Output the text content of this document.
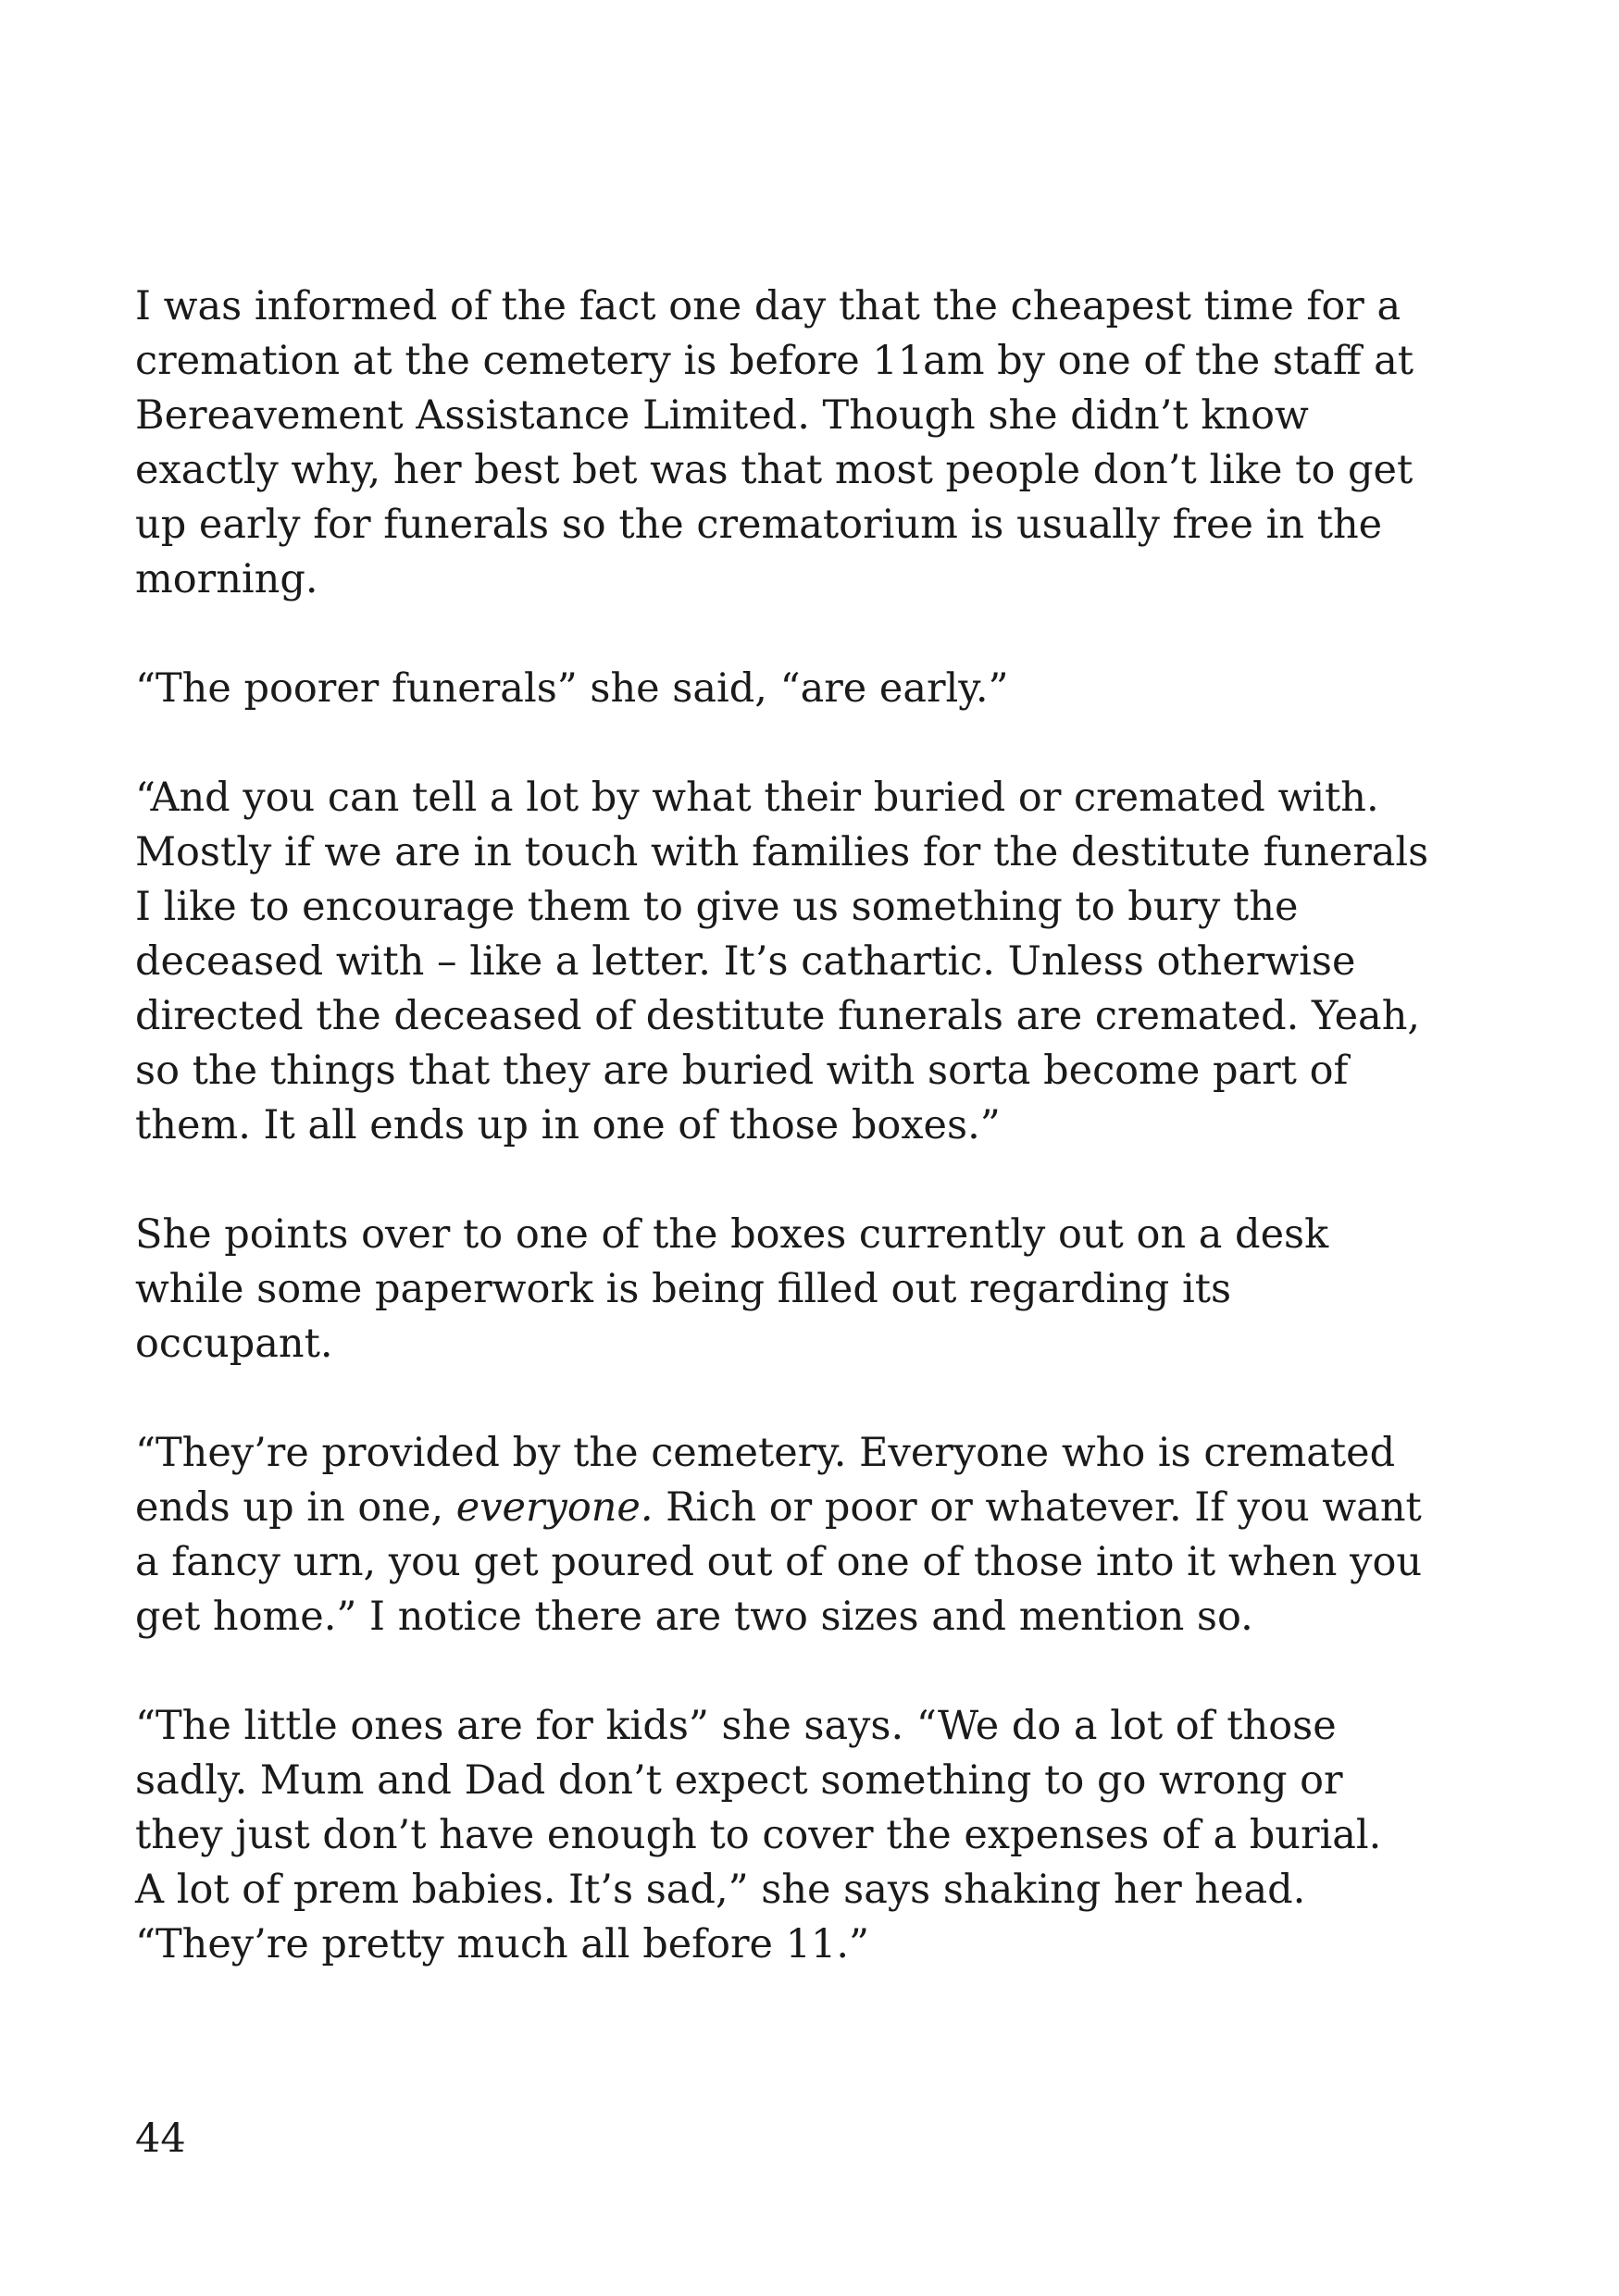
I was informed of the fact one day that the cheapest time for a
cremation at the cemetery is before 11am by one of the staff at
Bereavement Assistance Limited. Though she didn’t know
exactly why, her best bet was that most people don’t like to get
up early for funerals so the crematorium is usually free in the
morning.

“The poorer funerals” she said, “are early.”

“And you can tell a lot by what their buried or cremated with.
Mostly if we are in touch with families for the destitute funerals
I like to encourage them to give us something to bury the
deceased with – like a letter. It’s cathartic. Unless otherwise
directed the deceased of destitute funerals are cremated. Yeah,
so the things that they are buried with sorta become part of
them. It all ends up in one of those boxes.”

She points over to one of the boxes currently out on a desk
while some paperwork is being filled out regarding its
occupant.

“They’re provided by the cemetery. Everyone who is cremated
ends up in one, everyone. Rich or poor or whatever. If you want
a fancy urn, you get poured out of one of those into it when you
get home.” I notice there are two sizes and mention so.

“The little ones are for kids” she says. “We do a lot of those
sadly. Mum and Dad don’t expect something to go wrong or
they just don’t have enough to cover the expenses of a burial.
A lot of prem babies. It’s sad,” she says shaking her head.
“They’re pretty much all before 11.”

44
